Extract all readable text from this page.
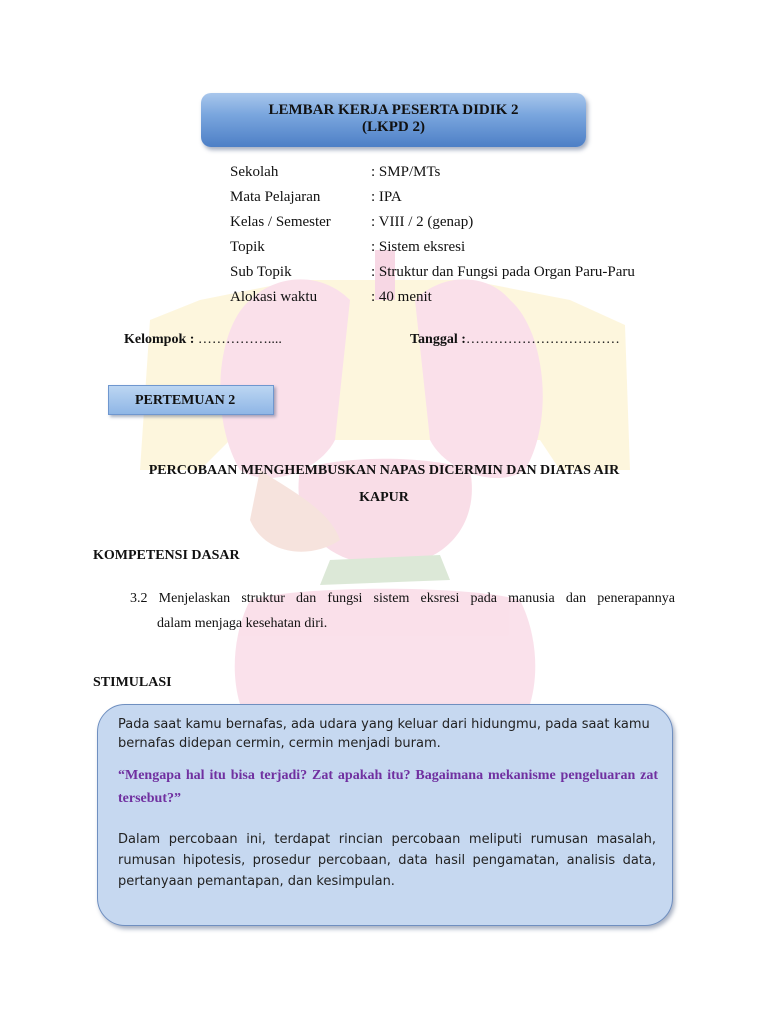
LEMBAR KERJA PESERTA DIDIK 2
(LKPD 2)
Sekolah	: SMP/MTs
Mata Pelajaran	: IPA
Kelas / Semester	: VIII / 2 (genap)
Topik	: Sistem eksresi
Sub Topik	: Struktur dan Fungsi pada Organ Paru-Paru
Alokasi waktu	: 40 menit
Kelompok : ……………....	Tanggal :……………………………
PERTEMUAN 2
PERCOBAAN MENGHEMBUSKAN NAPAS DICERMIN DAN DIATAS AIR
KAPUR
KOMPETENSI DASAR
3.2 Menjelaskan struktur dan fungsi sistem eksresi pada manusia dan penerapannya
dalam menjaga kesehatan diri.
STIMULASI
Pada saat kamu bernafas, ada udara yang keluar dari hidungmu, pada saat kamu bernafas didepan cermin, cermin menjadi buram.
“Mengapa hal itu bisa terjadi? Zat apakah itu? Bagaimana mekanisme pengeluaran zat tersebut?”
Dalam percobaan ini, terdapat rincian percobaan meliputi rumusan masalah, rumusan hipotesis, prosedur percobaan, data hasil pengamatan, analisis data, pertanyaan pemantapan, dan kesimpulan.
